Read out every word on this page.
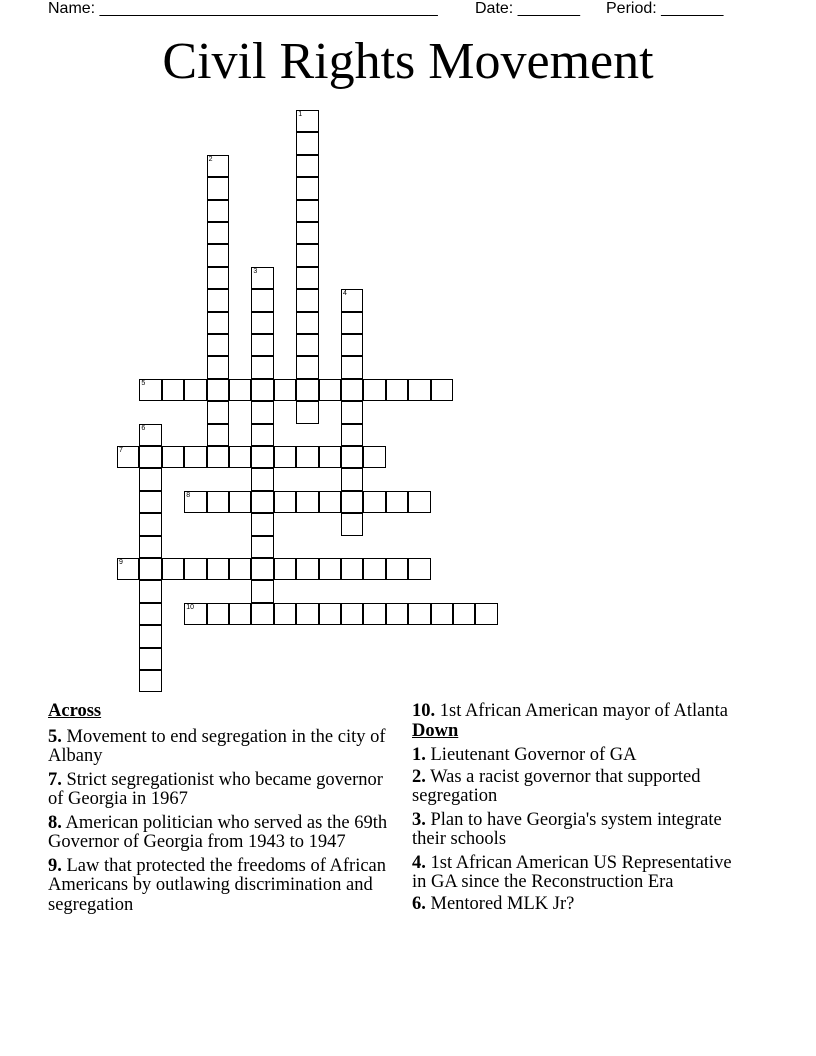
Name: ______________________________________ Date: _______ Period: _______
Civil Rights Movement
1
2
3
4
5
6
7
8
9
10
Across
5. Movement to end segregation in the city of Albany
7. Strict segregationist who became governor of Georgia in 1967
8. American politician who served as the 69th Governor of Georgia from 1943 to 1947
9. Law that protected the freedoms of African Americans by outlawing discrimination and segregation
10. 1st African American mayor of Atlanta
Down
1. Lieutenant Governor of GA
2. Was a racist governor that supported segregation
3. Plan to have Georgia's system integrate their schools
4. 1st African American US Representative in GA since the Reconstruction Era
6. Mentored MLK Jr?
